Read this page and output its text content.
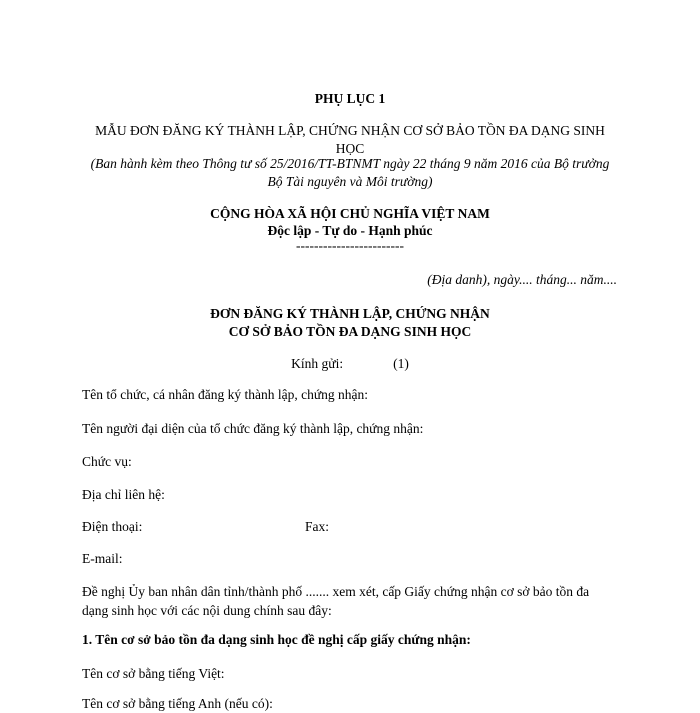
PHỤ LỤC 1
MẪU ĐƠN ĐĂNG KÝ THÀNH LẬP, CHỨNG NHẬN CƠ SỞ BẢO TỒN ĐA DẠNG SINH
HỌC
(Ban hành kèm theo Thông tư số 25/2016/TT-BTNMT ngày 22 tháng 9 năm 2016 của Bộ trưởng
Bộ Tài nguyên và Môi trường)
CỘNG HÒA XÃ HỘI CHỦ NGHĨA VIỆT NAM
Độc lập - Tự do - Hạnh phúc
------------------------
(Địa danh), ngày.... tháng... năm....
ĐƠN ĐĂNG KÝ THÀNH LẬP, CHỨNG NHẬN
CƠ SỞ BẢO TỒN ĐA DẠNG SINH HỌC
Kính gửi:	(1)
Tên tổ chức, cá nhân đăng ký thành lập, chứng nhận:
Tên người đại diện của tổ chức đăng ký thành lập, chứng nhận:
Chức vụ:
Địa chỉ liên hệ:
Điện thoại:	Fax:
E-mail:
Đề nghị Ủy ban nhân dân tỉnh/thành phố ....... xem xét, cấp Giấy chứng nhận cơ sở bảo tồn đa
dạng sinh học với các nội dung chính sau đây:
1. Tên cơ sở bảo tồn đa dạng sinh học đề nghị cấp giấy chứng nhận:
Tên cơ sở bằng tiếng Việt:
Tên cơ sở bằng tiếng Anh (nếu có):
